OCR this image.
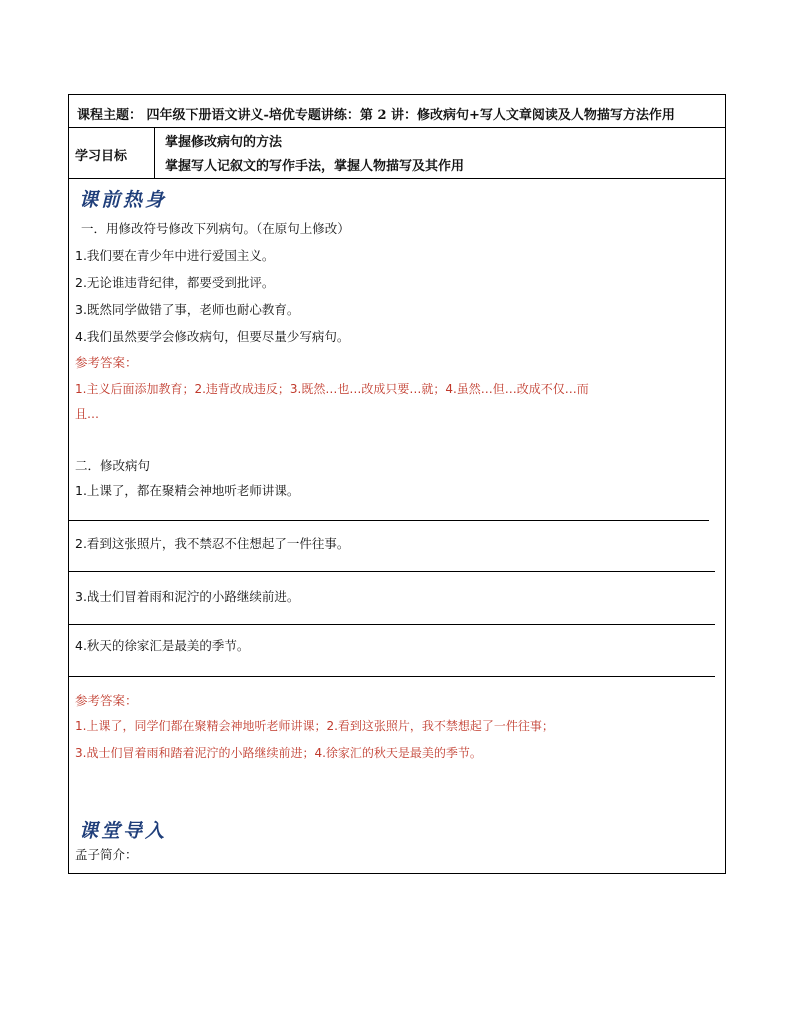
课程主题： 四年级下册语文讲义-培优专题讲练：第 2 讲：修改病句+写人文章阅读及人物描写方法作用
学习目标
掌握修改病句的方法
掌握写人记叙文的写作手法，掌握人物描写及其作用
课前热身
一．用修改符号修改下列病句。（在原句上修改）
1.我们要在青少年中进行爱国主义。
2.无论谁违背纪律，都要受到批评。
3.既然同学做错了事，老师也耐心教育。
4.我们虽然要学会修改病句，但要尽量少写病句。
参考答案：
1.主义后面添加教育；2.违背改成违反；3.既然…也…改成只要…就；4.虽然…但…改成不仅…而
且…
二．修改病句
1.上课了，都在聚精会神地听老师讲课。
2.看到这张照片，我不禁忍不住想起了一件往事。
3.战士们冒着雨和泥泞的小路继续前进。
4.秋天的徐家汇是最美的季节。
参考答案：
1.上课了，同学们都在聚精会神地听老师讲课；2.看到这张照片，我不禁想起了一件往事；
3.战士们冒着雨和踏着泥泞的小路继续前进；4.徐家汇的秋天是最美的季节。
课堂导入
孟子简介：
